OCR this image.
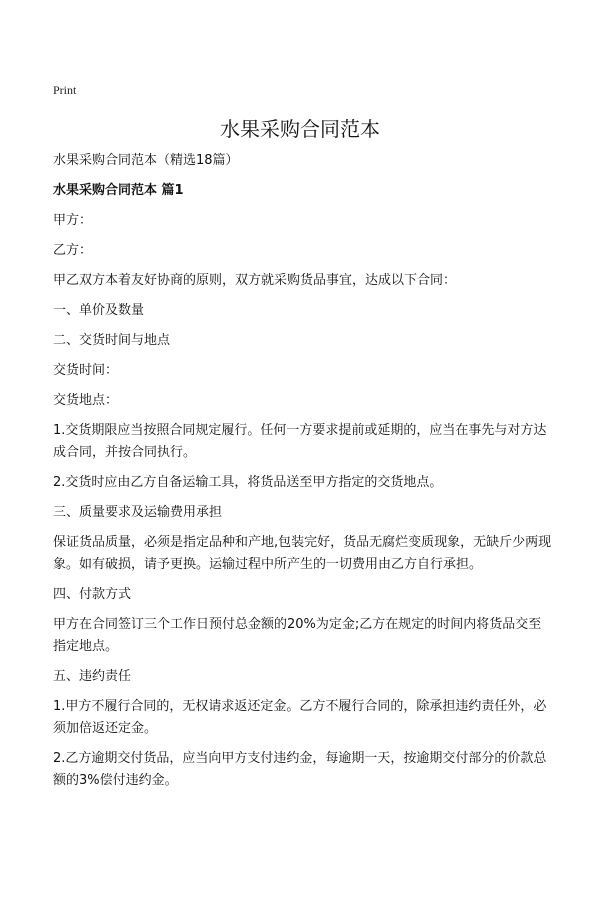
Print
水果采购合同范本

水果采购合同范本（精选18篇）

水果采购合同范本 篇1

甲方：

乙方：

甲乙双方本着友好协商的原则，双方就采购货品事宜，达成以下合同：

一、单价及数量

二、交货时间与地点

交货时间：

交货地点：

1.交货期限应当按照合同规定履行。任何一方要求提前或延期的，应当在事先与对方达成合同，并按合同执行。

2.交货时应由乙方自备运输工具，将货品送至甲方指定的交货地点。

三、质量要求及运输费用承担

保证货品质量，必须是指定品种和产地,包装完好，货品无腐烂变质现象，无缺斤少两现象。如有破损，请予更换。运输过程中所产生的一切费用由乙方自行承担。

四、付款方式

甲方在合同签订三个工作日预付总金额的20%为定金;乙方在规定的时间内将货品交至指定地点。

五、违约责任

1.甲方不履行合同的，无权请求返还定金。乙方不履行合同的，除承担违约责任外，必须加倍返还定金。

2.乙方逾期交付货品，应当向甲方支付违约金，每逾期一天，按逾期交付部分的价款总额的3%偿付违约金。
